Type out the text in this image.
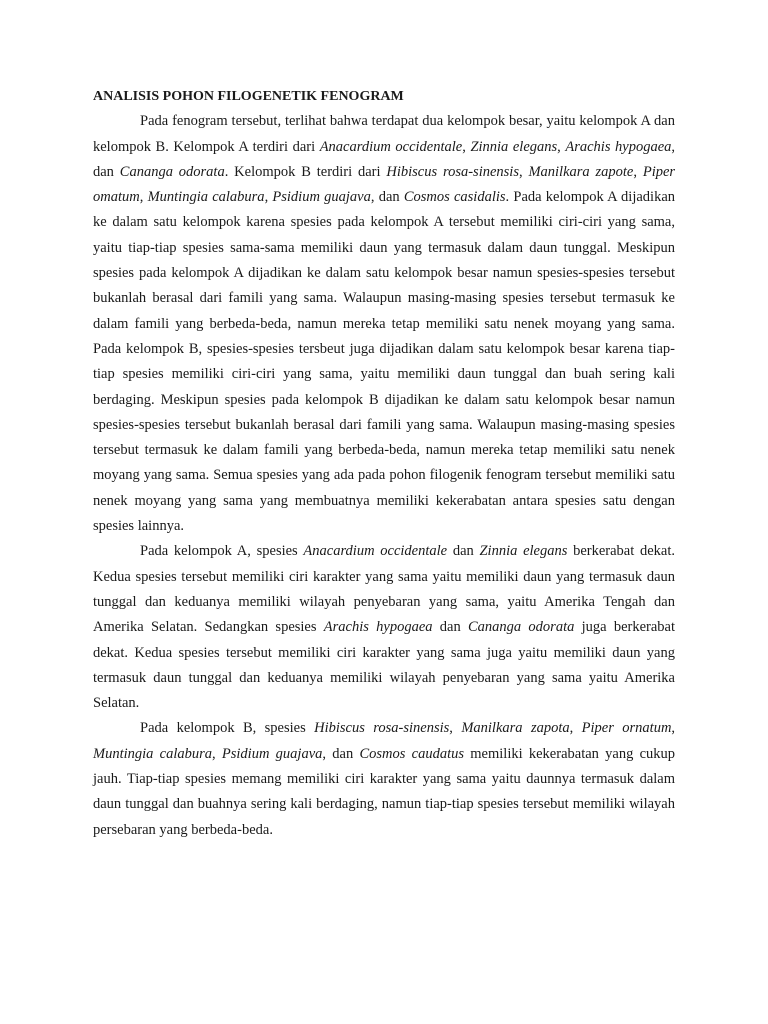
ANALISIS POHON FILOGENETIK FENOGRAM

Pada fenogram tersebut, terlihat bahwa terdapat dua kelompok besar, yaitu kelompok A dan kelompok B. Kelompok A terdiri dari Anacardium occidentale, Zinnia elegans, Arachis hypogaea, dan Cananga odorata. Kelompok B terdiri dari Hibiscus rosa-sinensis, Manilkara zapote, Piper omatum, Muntingia calabura, Psidium guajava, dan Cosmos casidalis. Pada kelompok A dijadikan ke dalam satu kelompok karena spesies pada kelompok A tersebut memiliki ciri-ciri yang sama, yaitu tiap-tiap spesies sama-sama memiliki daun yang termasuk dalam daun tunggal. Meskipun spesies pada kelompok A dijadikan ke dalam satu kelompok besar namun spesies-spesies tersebut bukanlah berasal dari famili yang sama. Walaupun masing-masing spesies tersebut termasuk ke dalam famili yang berbeda-beda, namun mereka tetap memiliki satu nenek moyang yang sama. Pada kelompok B, spesies-spesies tersbeut juga dijadikan dalam satu kelompok besar karena tiap-tiap spesies memiliki ciri-ciri yang sama, yaitu memiliki daun tunggal dan buah sering kali berdaging. Meskipun spesies pada kelompok B dijadikan ke dalam satu kelompok besar namun spesies-spesies tersebut bukanlah berasal dari famili yang sama. Walaupun masing-masing spesies tersebut termasuk ke dalam famili yang berbeda-beda, namun mereka tetap memiliki satu nenek moyang yang sama. Semua spesies yang ada pada pohon filogenik fenogram tersebut memiliki satu nenek moyang yang sama yang membuatnya memiliki kekerabatan antara spesies satu dengan spesies lainnya.

Pada kelompok A, spesies Anacardium occidentale dan Zinnia elegans berkerabat dekat. Kedua spesies tersebut memiliki ciri karakter yang sama yaitu memiliki daun yang termasuk daun tunggal dan keduanya memiliki wilayah penyebaran yang sama, yaitu Amerika Tengah dan Amerika Selatan. Sedangkan spesies Arachis hypogaea dan Cananga odorata juga berkerabat dekat. Kedua spesies tersebut memiliki ciri karakter yang sama juga yaitu memiliki daun yang termasuk daun tunggal dan keduanya memiliki wilayah penyebaran yang sama yaitu Amerika Selatan.

Pada kelompok B, spesies Hibiscus rosa-sinensis, Manilkara zapota, Piper ornatum, Muntingia calabura, Psidium guajava, dan Cosmos caudatus memiliki kekerabatan yang cukup jauh. Tiap-tiap spesies memang memiliki ciri karakter yang sama yaitu daunnya termasuk dalam daun tunggal dan buahnya sering kali berdaging, namun tiap-tiap spesies tersebut memiliki wilayah persebaran yang berbeda-beda.
